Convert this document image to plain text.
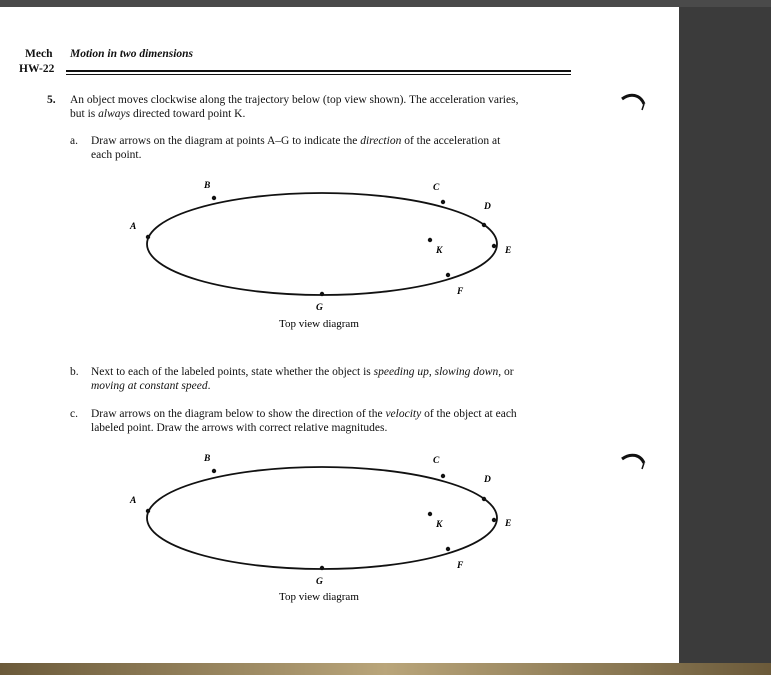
Mech
HW-22
Motion in two dimensions
5. An object moves clockwise along the trajectory below (top view shown). The acceleration varies,
but is always directed toward point K.
a. Draw arrows on the diagram at points A–G to indicate the direction of the acceleration at
each point.
A
B	C
D
E
F
G
K
Top view diagram
A
B	C
D
E
F
G
K
Top view diagram
b. Next to each of the labeled points, state whether the object is speeding up, slowing down, or
moving at constant speed.
c. Draw arrows on the diagram below to show the direction of the velocity of the object at each
labeled point. Draw the arrows with correct relative magnitudes.
